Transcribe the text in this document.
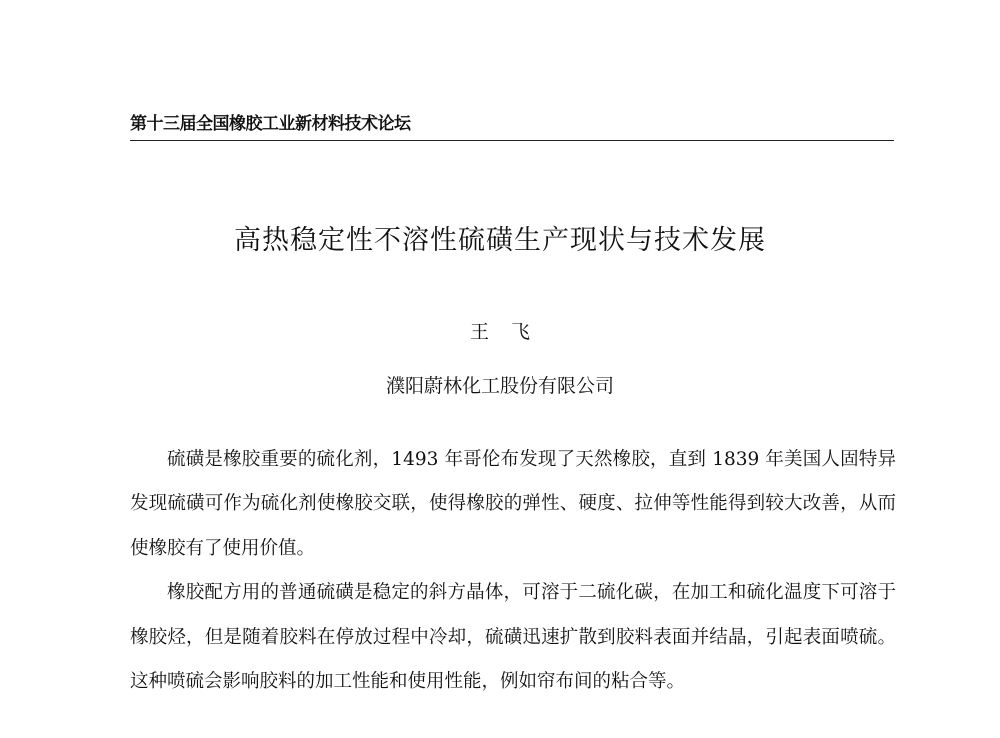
第十三届全国橡胶工业新材料技术论坛
高热稳定性不溶性硫磺生产现状与技术发展
王 飞
濮阳蔚林化工股份有限公司

硫磺是橡胶重要的硫化剂，1493 年哥伦布发现了天然橡胶，直到 1839 年美国人固特异发现硫磺可作为硫化剂使橡胶交联，使得橡胶的弹性、硬度、拉伸等性能得到较大改善，从而使橡胶有了使用价值。

橡胶配方用的普通硫磺是稳定的斜方晶体，可溶于二硫化碳，在加工和硫化温度下可溶于橡胶烃，但是随着胶料在停放过程中冷却，硫磺迅速扩散到胶料表面并结晶，引起表面喷硫。这种喷硫会影响胶料的加工性能和使用性能，例如帘布间的粘合等。
